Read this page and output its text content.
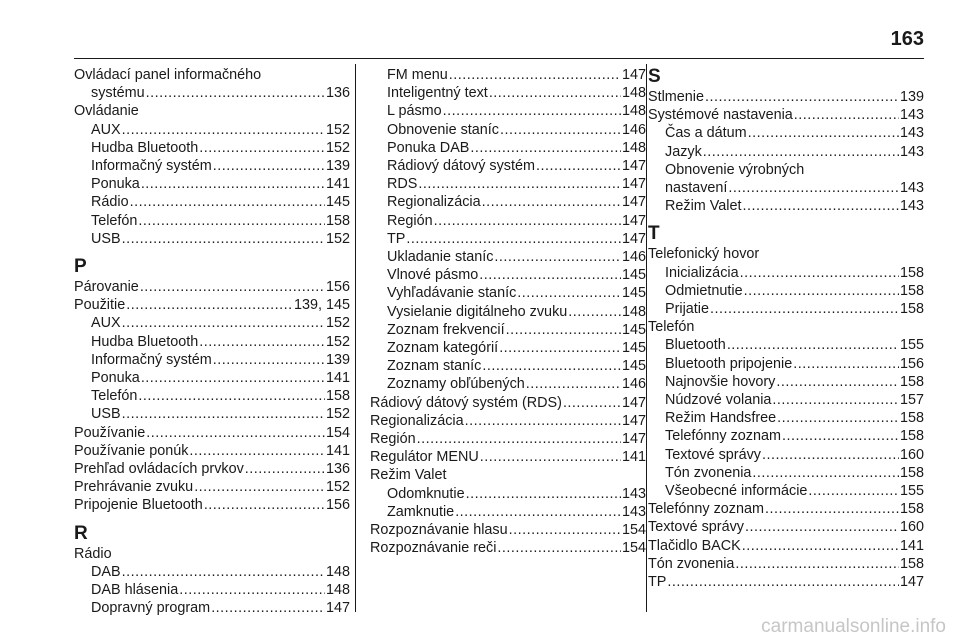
163
Ovládací panel informačného
systému .....	136
Ovládanie
AUX .....	152
Hudba Bluetooth .....	152
Informačný systém .....	139
Ponuka .....	141
Rádio .....	145
Telefón .....	158
USB .....	152
P
Párovanie .....	156
Použitie .....	139, 145
AUX .....	152
Hudba Bluetooth .....	152
Informačný systém .....	139
Ponuka .....	141
Telefón .....	158
USB .....	152
Používanie .....	154
Používanie ponúk .....	141
Prehľad ovládacích prvkov .....	136
Prehrávanie zvuku .....	152
Pripojenie Bluetooth .....	156
R
Rádio
DAB .....	148
DAB hlásenia .....	148
Dopravný program .....	147
FM menu .....	147
Inteligentný text .....	148
L pásmo .....	148
Obnovenie staníc .....	146
Ponuka DAB .....	148
Rádiový dátový systém .....	147
RDS .....	147
Regionalizácia .....	147
Región .....	147
TP .....	147
Ukladanie staníc .....	146
Vlnové pásmo .....	145
Vyhľadávanie staníc .....	145
Vysielanie digitálneho zvuku .....	148
Zoznam frekvencií .....	145
Zoznam kategórií .....	145
Zoznam staníc .....	145
Zoznamy obľúbených .....	146
Rádiový dátový systém (RDS) .....	147
Regionalizácia .....	147
Región .....	147
Regulátor MENU .....	141
Režim Valet
Odomknutie .....	143
Zamknutie .....	143
Rozpoznávanie hlasu .....	154
Rozpoznávanie reči .....	154
S
Stlmenie .....	139
Systémové nastavenia .....	143
Čas a dátum .....	143
Jazyk .....	143
Obnovenie výrobných
nastavení .....	143
Režim Valet .....	143
T
Telefonický hovor
Inicializácia .....	158
Odmietnutie .....	158
Prijatie .....	158
Telefón
Bluetooth .....	155
Bluetooth pripojenie .....	156
Najnovšie hovory .....	158
Núdzové volania .....	157
Režim Handsfree .....	158
Telefónny zoznam .....	158
Textové správy .....	160
Tón zvonenia .....	158
Všeobecné informácie .....	155
Telefónny zoznam .....	158
Textové správy .....	160
Tlačidlo BACK .....	141
Tón zvonenia .....	158
TP .....	147
carmanualsonline.info
